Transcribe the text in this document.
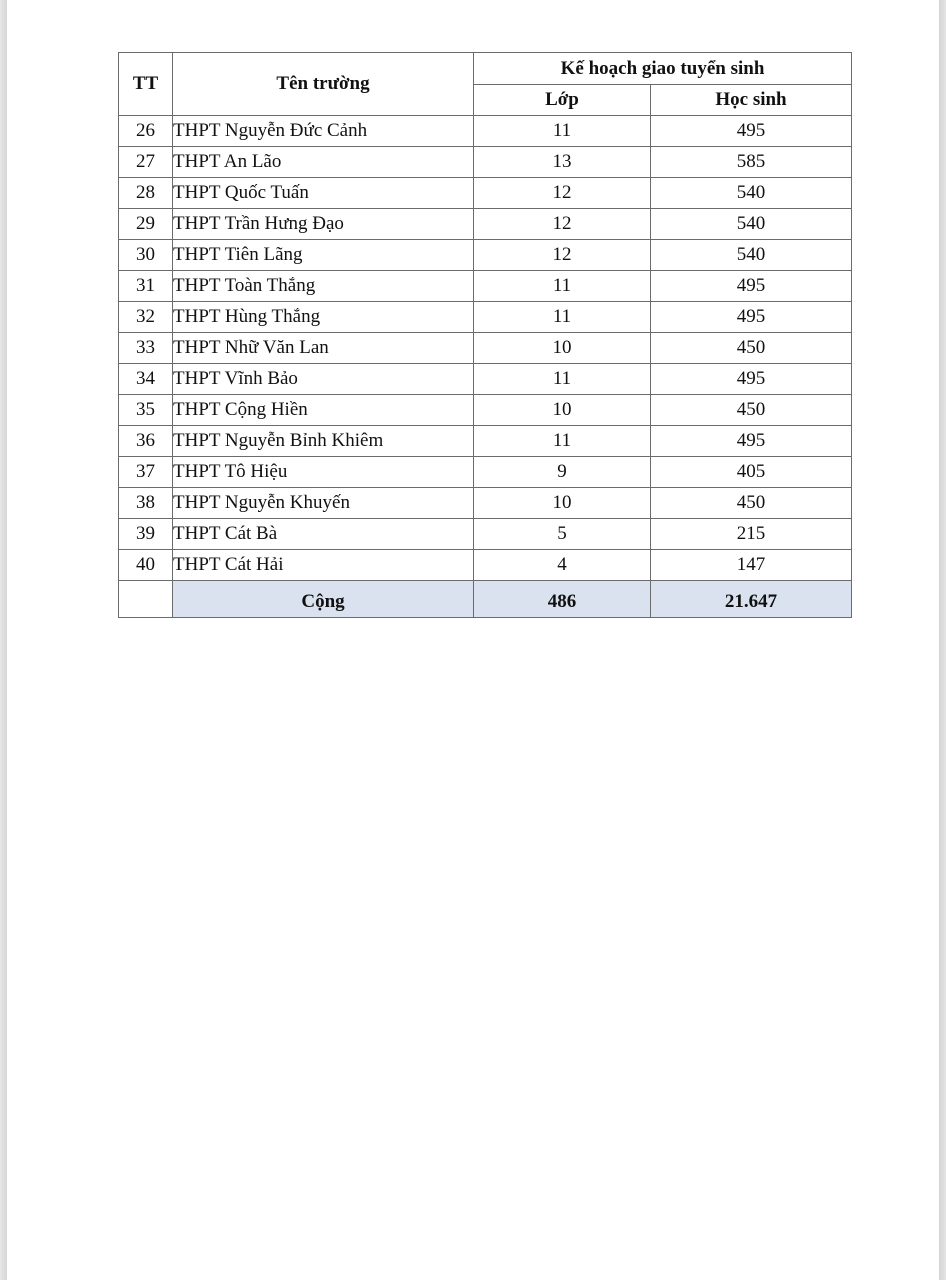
TT	Tên trường	Kế hoạch giao tuyển sinh	
		Lớp	Học sinh
26	THPT Nguyễn Đức Cảnh	11	495
27	THPT An Lão	13	585
28	THPT Quốc Tuấn	12	540
29	THPT Trần Hưng Đạo	12	540
30	THPT Tiên Lãng	12	540
31	THPT Toàn Thắng	11	495
32	THPT Hùng Thắng	11	495
33	THPT Nhữ Văn Lan	10	450
34	THPT Vĩnh Bảo	11	495
35	THPT Cộng Hiền	10	450
36	THPT Nguyễn Bỉnh Khiêm	11	495
37	THPT Tô Hiệu	9	405
38	THPT Nguyễn Khuyến	10	450
39	THPT Cát Bà	5	215
40	THPT Cát Hải	4	147
	Cộng	486	21.647
